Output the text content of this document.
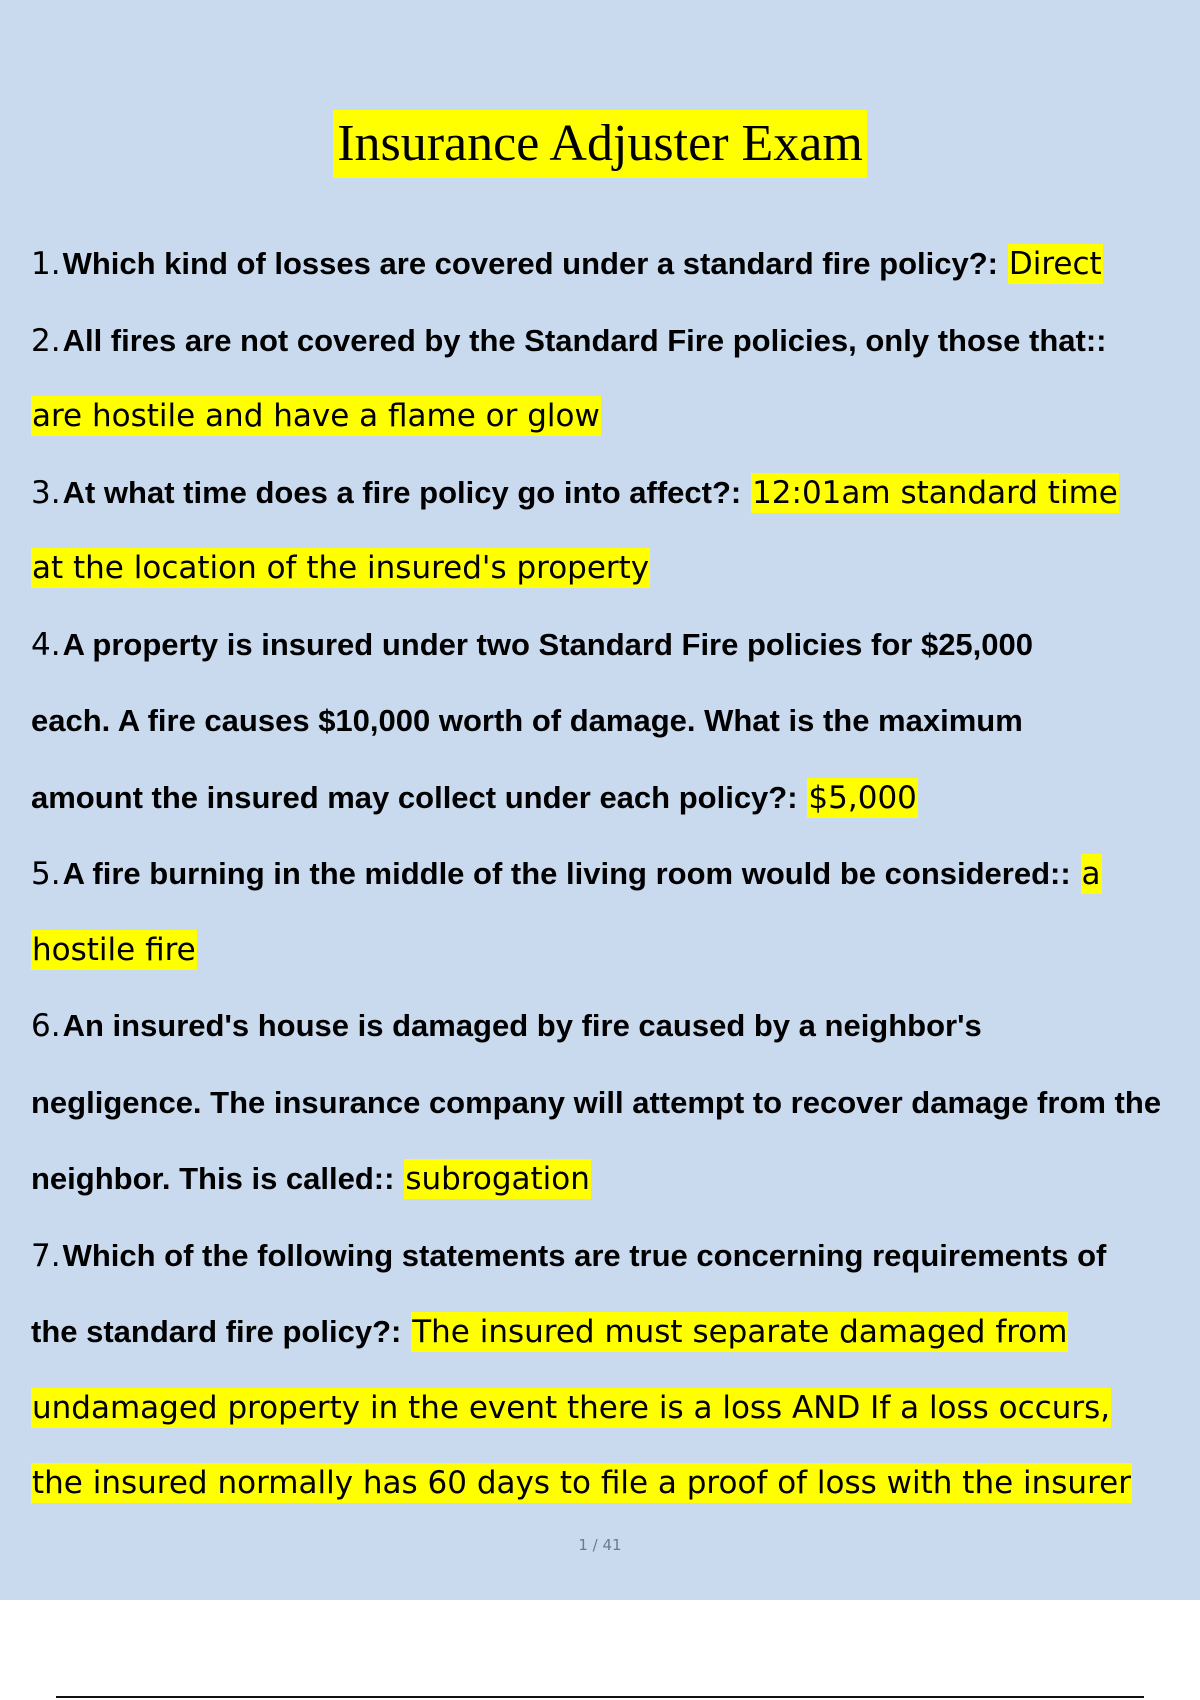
Insurance Adjuster Exam
1.Which kind of losses are covered under a standard fire policy?: Direct
2.All fires are not covered by the Standard Fire policies, only those that::
are hostile and have a flame or glow
3.At what time does a fire policy go into affect?: 12:01am standard time
at the location of the insured's property
4.A property is insured under two Standard Fire policies for $25,000
each. A fire causes $10,000 worth of damage. What is the maximum
amount the insured may collect under each policy?: $5,000
5.A fire burning in the middle of the living room would be considered:: a
hostile fire
6.An insured's house is damaged by fire caused by a neighbor's
negligence. The insurance company will attempt to recover damage from the
neighbor. This is called:: subrogation
7.Which of the following statements are true concerning requirements of
the standard fire policy?: The insured must separate damaged from
undamaged property in the event there is a loss AND If a loss occurs,
the insured normally has 60 days to file a proof of loss with the insurer
1 / 41
